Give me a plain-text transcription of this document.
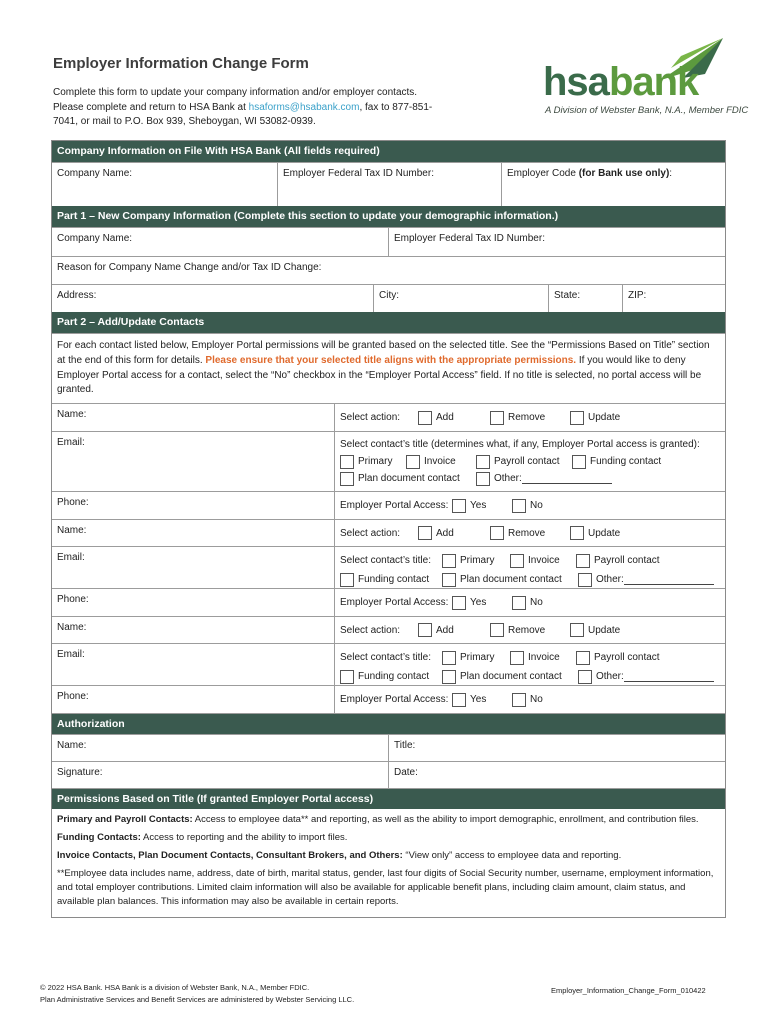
Employer Information Change Form
Complete this form to update your company information and/or employer contacts. Please complete and return to HSA Bank at hsaforms@hsabank.com, fax to 877-851-7041, or mail to P.O. Box 939, Sheboygan, WI 53082-0939.
hsabank
A Division of Webster Bank, N.A., Member FDIC
Company Information on File With HSA Bank (All fields required)
Company Name:	Employer Federal Tax ID Number:	Employer Code (for Bank use only):
Part 1 – New Company Information (Complete this section to update your demographic information.)
Company Name:	Employer Federal Tax ID Number:
Reason for Company Name Change and/or Tax ID Change:
Address:	City:	State:	ZIP:
Part 2 – Add/Update Contacts
For each contact listed below, Employer Portal permissions will be granted based on the selected title. See the “Permissions Based on Title” section at the end of this form for details. Please ensure that your selected title aligns with the appropriate permissions. If you would like to deny Employer Portal access for a contact, select the “No” checkbox in the “Employer Portal Access” field. If no title is selected, no portal access will be granted.
Name:	Select action:	Add	Remove	Update
Email:	Select contact’s title (determines what, if any, Employer Portal access is granted):
Primary	Invoice	Payroll contact	Funding contact
Plan document contact	Other:
Phone:	Employer Portal Access:	Yes	No
Name:	Select action:	Add	Remove	Update
Email:	Select contact’s title:	Primary	Invoice	Payroll contact
Funding contact	Plan document contact	Other:
Phone:	Employer Portal Access:	Yes	No
Name:	Select action:	Add	Remove	Update
Email:	Select contact’s title:	Primary	Invoice	Payroll contact
Funding contact	Plan document contact	Other:
Phone:	Employer Portal Access:	Yes	No
Authorization
Name:	Title:
Signature:	Date:
Permissions Based on Title (If granted Employer Portal access)

Primary and Payroll Contacts: Access to employee data** and reporting, as well as the ability to import demographic, enrollment, and contribution files.

Funding Contacts: Access to reporting and the ability to import files.

Invoice Contacts, Plan Document Contacts, Consultant Brokers, and Others: “View only” access to employee data and reporting.

**Employee data includes name, address, date of birth, marital status, gender, last four digits of Social Security number, username, employment information, and total employer contributions. Limited claim information will also be available for applicable benefit plans, including claim amount, claim status, and available plan balances. This information may also be available in certain reports.

© 2022 HSA Bank. HSA Bank is a division of Webster Bank, N.A., Member FDIC.
Plan Administrative Services and Benefit Services are administered by Webster Servicing LLC.
Employer_Information_Change_Form_010422
